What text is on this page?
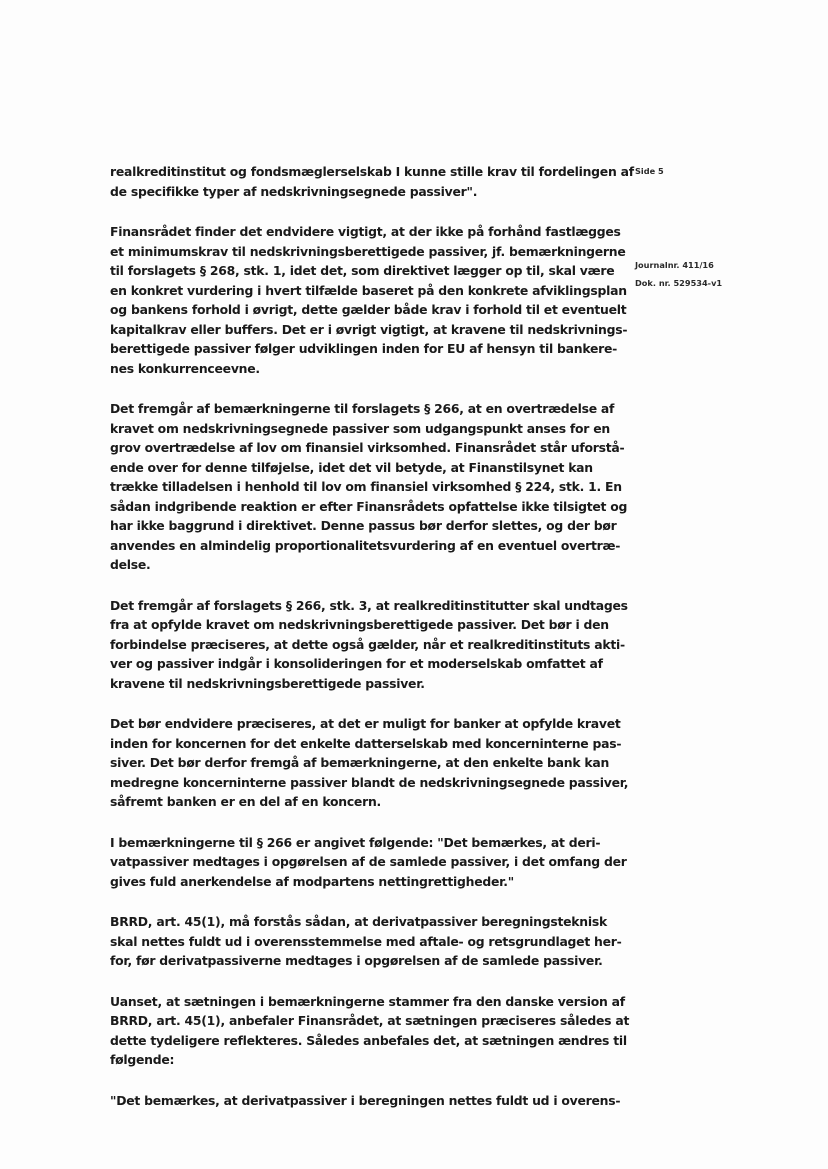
Side 5
Journalnr. 411/16
Dok. nr. 529534-v1

realkreditinstitut og fondsmæglerselskab I kunne stille krav til fordelingen af
de specifikke typer af nedskrivningsegnede passiver".

Finansrådet finder det endvidere vigtigt, at der ikke på forhånd fastlægges
et minimumskrav til nedskrivningsberettigede passiver, jf. bemærkningerne
til forslagets § 268, stk. 1, idet det, som direktivet lægger op til, skal være
en konkret vurdering i hvert tilfælde baseret på den konkrete afviklingsplan
og bankens forhold i øvrigt, dette gælder både krav i forhold til et eventuelt
kapitalkrav eller buffers. Det er i øvrigt vigtigt, at kravene til nedskrivnings-
berettigede passiver følger udviklingen inden for EU af hensyn til bankere-
nes konkurrenceevne.

Det fremgår af bemærkningerne til forslagets § 266, at en overtrædelse af
kravet om nedskrivningsegnede passiver som udgangspunkt anses for en
grov overtrædelse af lov om finansiel virksomhed. Finansrådet står uforstå-
ende over for denne tilføjelse, idet det vil betyde, at Finanstilsynet kan
trække tilladelsen i henhold til lov om finansiel virksomhed § 224, stk. 1. En
sådan indgribende reaktion er efter Finansrådets opfattelse ikke tilsigtet og
har ikke baggrund i direktivet. Denne passus bør derfor slettes, og der bør
anvendes en almindelig proportionalitetsvurdering af en eventuel overtræ-
delse.

Det fremgår af forslagets § 266, stk. 3, at realkreditinstitutter skal undtages
fra at opfylde kravet om nedskrivningsberettigede passiver. Det bør i den
forbindelse præciseres, at dette også gælder, når et realkreditinstituts akti-
ver og passiver indgår i konsolideringen for et moderselskab omfattet af
kravene til nedskrivningsberettigede passiver.

Det bør endvidere præciseres, at det er muligt for banker at opfylde kravet
inden for koncernen for det enkelte datterselskab med koncerninterne pas-
siver. Det bør derfor fremgå af bemærkningerne, at den enkelte bank kan
medregne koncerninterne passiver blandt de nedskrivningsegnede passiver,
såfremt banken er en del af en koncern.

I bemærkningerne til § 266 er angivet følgende: "Det bemærkes, at deri-
vatpassiver medtages i opgørelsen af de samlede passiver, i det omfang der
gives fuld anerkendelse af modpartens nettingrettigheder."

BRRD, art. 45(1), må forstås sådan, at derivatpassiver beregningsteknisk
skal nettes fuldt ud i overensstemmelse med aftale- og retsgrundlaget her-
for, før derivatpassiverne medtages i opgørelsen af de samlede passiver.

Uanset, at sætningen i bemærkningerne stammer fra den danske version af
BRRD, art. 45(1), anbefaler Finansrådet, at sætningen præciseres således at
dette tydeligere reflekteres. Således anbefales det, at sætningen ændres til
følgende:

"Det bemærkes, at derivatpassiver i beregningen nettes fuldt ud i overens-
